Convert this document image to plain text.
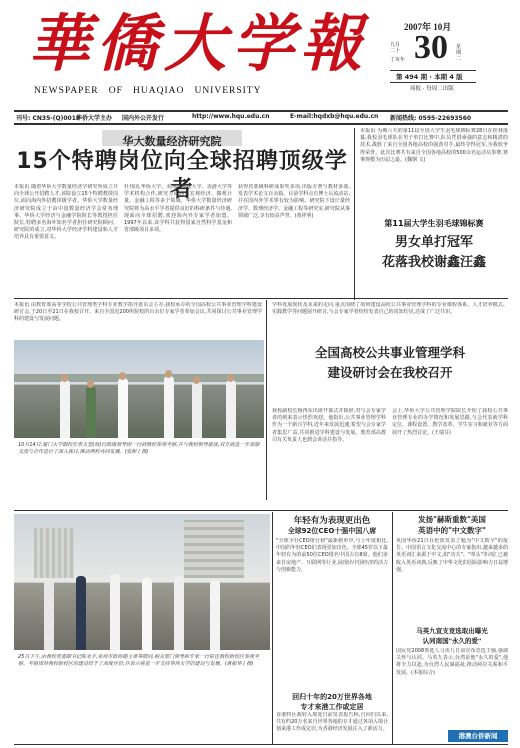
華僑大学報
NEWSPAPER   OF   HUAQIAO   UNIVERSITY
2007年 10月
九月二十
丁亥年 30 星期二
第 494 期 · 本期 4 版
周报 · 每周二出版
刊号: CN35-(Q)0018
华侨大学主办 国内外公开发行	http://www.hqu.edu.cn	E-mail:hqdxb@hqu.edu.cn 新闻热线: 0595-22693560
华大数量经济研究院
15个特聘岗位向全球招聘顶级学者
本报讯 随着华侨大学数量经济学研究所成立并向全球公开招聘人才,该院设立15个特聘教授岗位,面向海内外招聘顶级学者。华侨大学数量经济研究院成立于由中国数量经济学会常务理事、华侨大学经济与金融学院院长等教授担任院长,特聘多名海外知名学者担任研究院顾问。研究院的成立,对华侨大学经济学科建设和人才培养具有重要意义。
杜伟国,华侨大学、美国华盛顿大学、香港大学等学术机构合作,研究方向涵盖宏观经济、微观计量、金融工程等多个领域。华侨大学数量经济研究院将为高水平学者提供良好的科研条件与待遇,现面向全球招聘,欢迎海内外专家学者加盟。1997年以来,该学科共获得国家自然科学基金和省部级项目多项。
获得省部级科研成果奖多项,出版专著与教材多部,发表学术论文百余篇。目前学科点有博士后流动站,并在国内外学术界有较为影响。研究院下设计量经济学、数理经济学、金融工程等研究室,研究院从事领域广泛,享有较高声誉。(黄祥明)
本报讯 为期六天的第11届全国大学生羽毛球锦标赛28日在桂林落幕,我校羽毛球队在男子单打比赛中,队员凭借顽强的意志和精湛的技术,战胜了来自全国各地高校的强劲对手,最终夺得冠军,为我校争得荣誉。此次比赛共有来自全国各地高校的500余名运动员参赛,赛事规模为历届之最。(魏钢 文)
第11届大学生羽毛球锦标赛
男女单打冠军
花落我校谢鑫汪鑫
10月14日,厦门大学副校长率大型(局)行政级领导团一行到我校参观考察,并与我校领导座谈,双方就进一步加强交流与合作进行了深入探讨,推动两校共同发展。(张彬 / 摄)
本报讯 由教育部高等学校公共管理类学科专业教学指导委员会主办,我校承办的全国高校公共事业管理学科建设研讨会,于20日至21日在我校召开。来自全国近200所院校的百余位专家学者参加会议,共同探讨公共事业管理学科的建设与发展问题。
学科发展现状及未来的走向,重点围绕了如何建设高校公共事业管理学科的专业课程体系、人才培养模式、实践教学等问题展开研讨,与会专家学者纷纷发表自己的真知灼见,达成了广泛共识。
全国高校公共事业管理学科
建设研讨会在我校召开
我校副校长杨再东出席开幕式并致辞,对与会专家学者的到来表示热烈欢迎。他指出,公共事业管理学科作为一个新兴学科,近年来发展迅速,希望与会专家学者集思广益,共同推进学科建设与发展。教育部高教司有关负责人也到会讲话并指导。
会上,华侨大学公共管理学院院长介绍了我校公共事业管理专业的办学情况和发展思路,与会代表就学科定位、课程设置、教学改革、学生实习和就业等方面展开了热烈讨论。(王瑞芬)
25日下午,由我校党委副书记陈永平,泉州市政协副主席等陪同,相关部门领导和专家一行前往我校新校区参观考察。考察团对我校新校区的建设给予了高度评价,并表示将进一步支持华侨大学的建设与发展。(黄振华 / 摄)
年轻有为表现更出色
全球92位CEO十强中国八席
"全球少壮CEO排行榜"最新榜单中,与上年度相比,中国的年轻CEO们表现更加出色。全球45岁以下最年轻有为的前50位CEO排名中国占有8席。他们多来自房地产、互联网等行业,展现出中国经济的活力与创新能力。
回归十年的20万世界各地
专才来港工作或定居
香港特区政府入境处日前发表报告称,自回归以来,共有约20万名来自世界各地的专才通过各项入境计划来港工作或定居,为香港经济发展注入了新活力。
发扬"赫斯重数"美国
英语中的"中文数字"
英国华侨21日在伦敦发表了题为"中文数字"的报告。中国语言文化交流中心的专家指出,越来越多的英语词汇来源于中文,如"功夫"、"叩头"等词汇已被收入英语词典,反映了中华文化的国际影响力日益增强。
马英九宣支竞选取出曝光
认同南国"永久的爱"
国民党2008参选人马英九日前宣布竞选主轴,强调关怀与认同。马英九表示,台湾是他"永久的爱",他将全力以赴,为台湾人民谋福祉,推动两岸关系和平发展。(本报综合)
港澳台侨新闻
